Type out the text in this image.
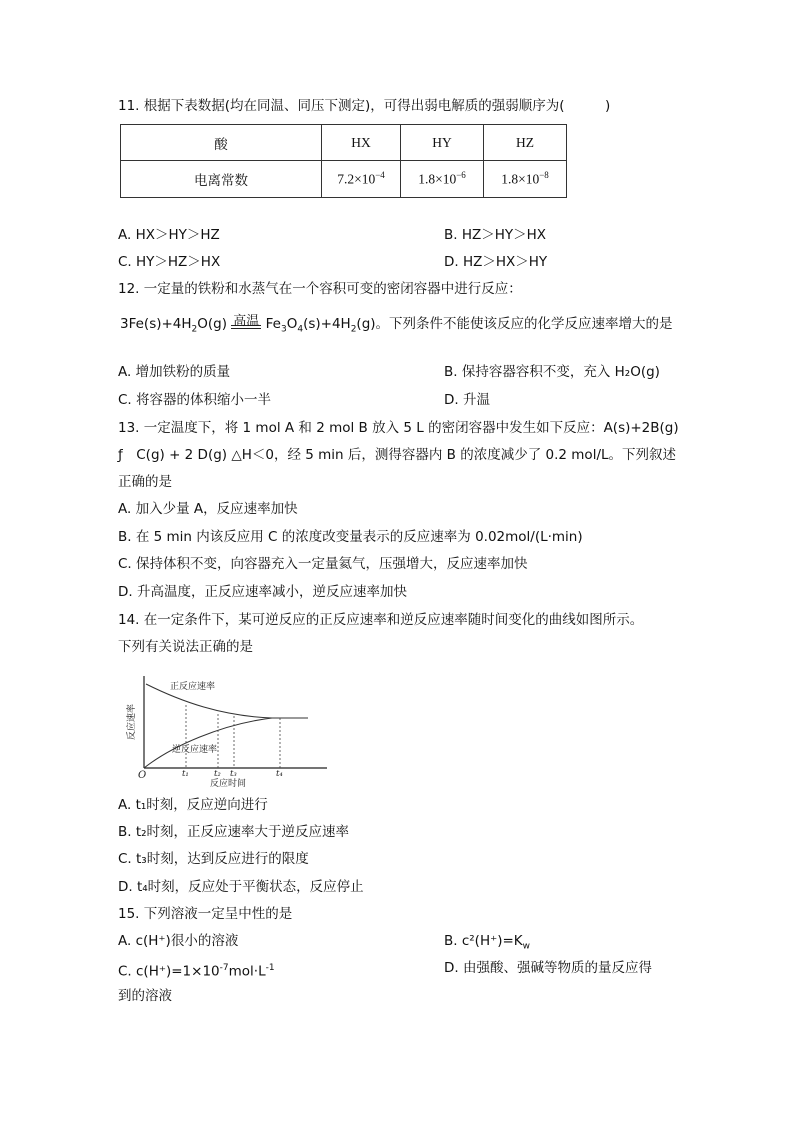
11. 根据下表数据(均在同温、同压下测定)，可得出弱电解质的强弱顺序为(　　　)
酸	HX	HY	HZ
电离常数	$7.2\times 10^{-4}$	$1.8\times 10^{-6}$	$1.8\times 10^{-8}$
A. HX＞HY＞HZ	B. HZ＞HY＞HX
C. HY＞HZ＞HX	D. HZ＞HX＞HY
12. 一定量的铁粉和水蒸气在一个容积可变的密闭容器中进行反应：
$3Fe(s)+4H_2O(g)$ 高温 $Fe_3O_4(s)+4H_2(g)$。下列条件不能使该反应的化学反应速率增大的是
A. 增加铁粉的质量	B. 保持容器容积不变，充入 H₂O(g)
C. 将容器的体积缩小一半	D. 升温
13. 一定温度下，将 1 mol A 和 2 mol B 放入 5 L 的密闭容器中发生如下反应：A(s)+2B(g)
ƒ　C(g) + 2 D(g) △H＜0，经 5 min 后，测得容器内 B 的浓度减少了 0.2 mol/L。下列叙述
正确的是
A. 加入少量 A，反应速率加快
B. 在 5 min 内该反应用 C 的浓度改变量表示的反应速率为 0.02mol/(L·min)
C. 保持体积不变，向容器充入一定量氦气，压强增大，反应速率加快
D. 升高温度，正反应速率减小，逆反应速率加快
14. 在一定条件下，某可逆反应的正反应速率和逆反应速率随时间变化的曲线如图所示。
下列有关说法正确的是
正反应速率
逆反应速率
反应速率
O	t₁	t₂ t₃	t₄
反应时间
A. t₁时刻，反应逆向进行
B. t₂时刻，正反应速率大于逆反应速率
C. t₃时刻，达到反应进行的限度
D. t₄时刻，反应处于平衡状态，反应停止
15. 下列溶液一定呈中性的是
A. c(H⁺)很小的溶液	B. $c^2(H^+)=K_w$
C. $c(H^+)=1\times 10^{-7}mol\cdot L^{-1}$	D. 由强酸、强碱等物质的量反应得
到的溶液
